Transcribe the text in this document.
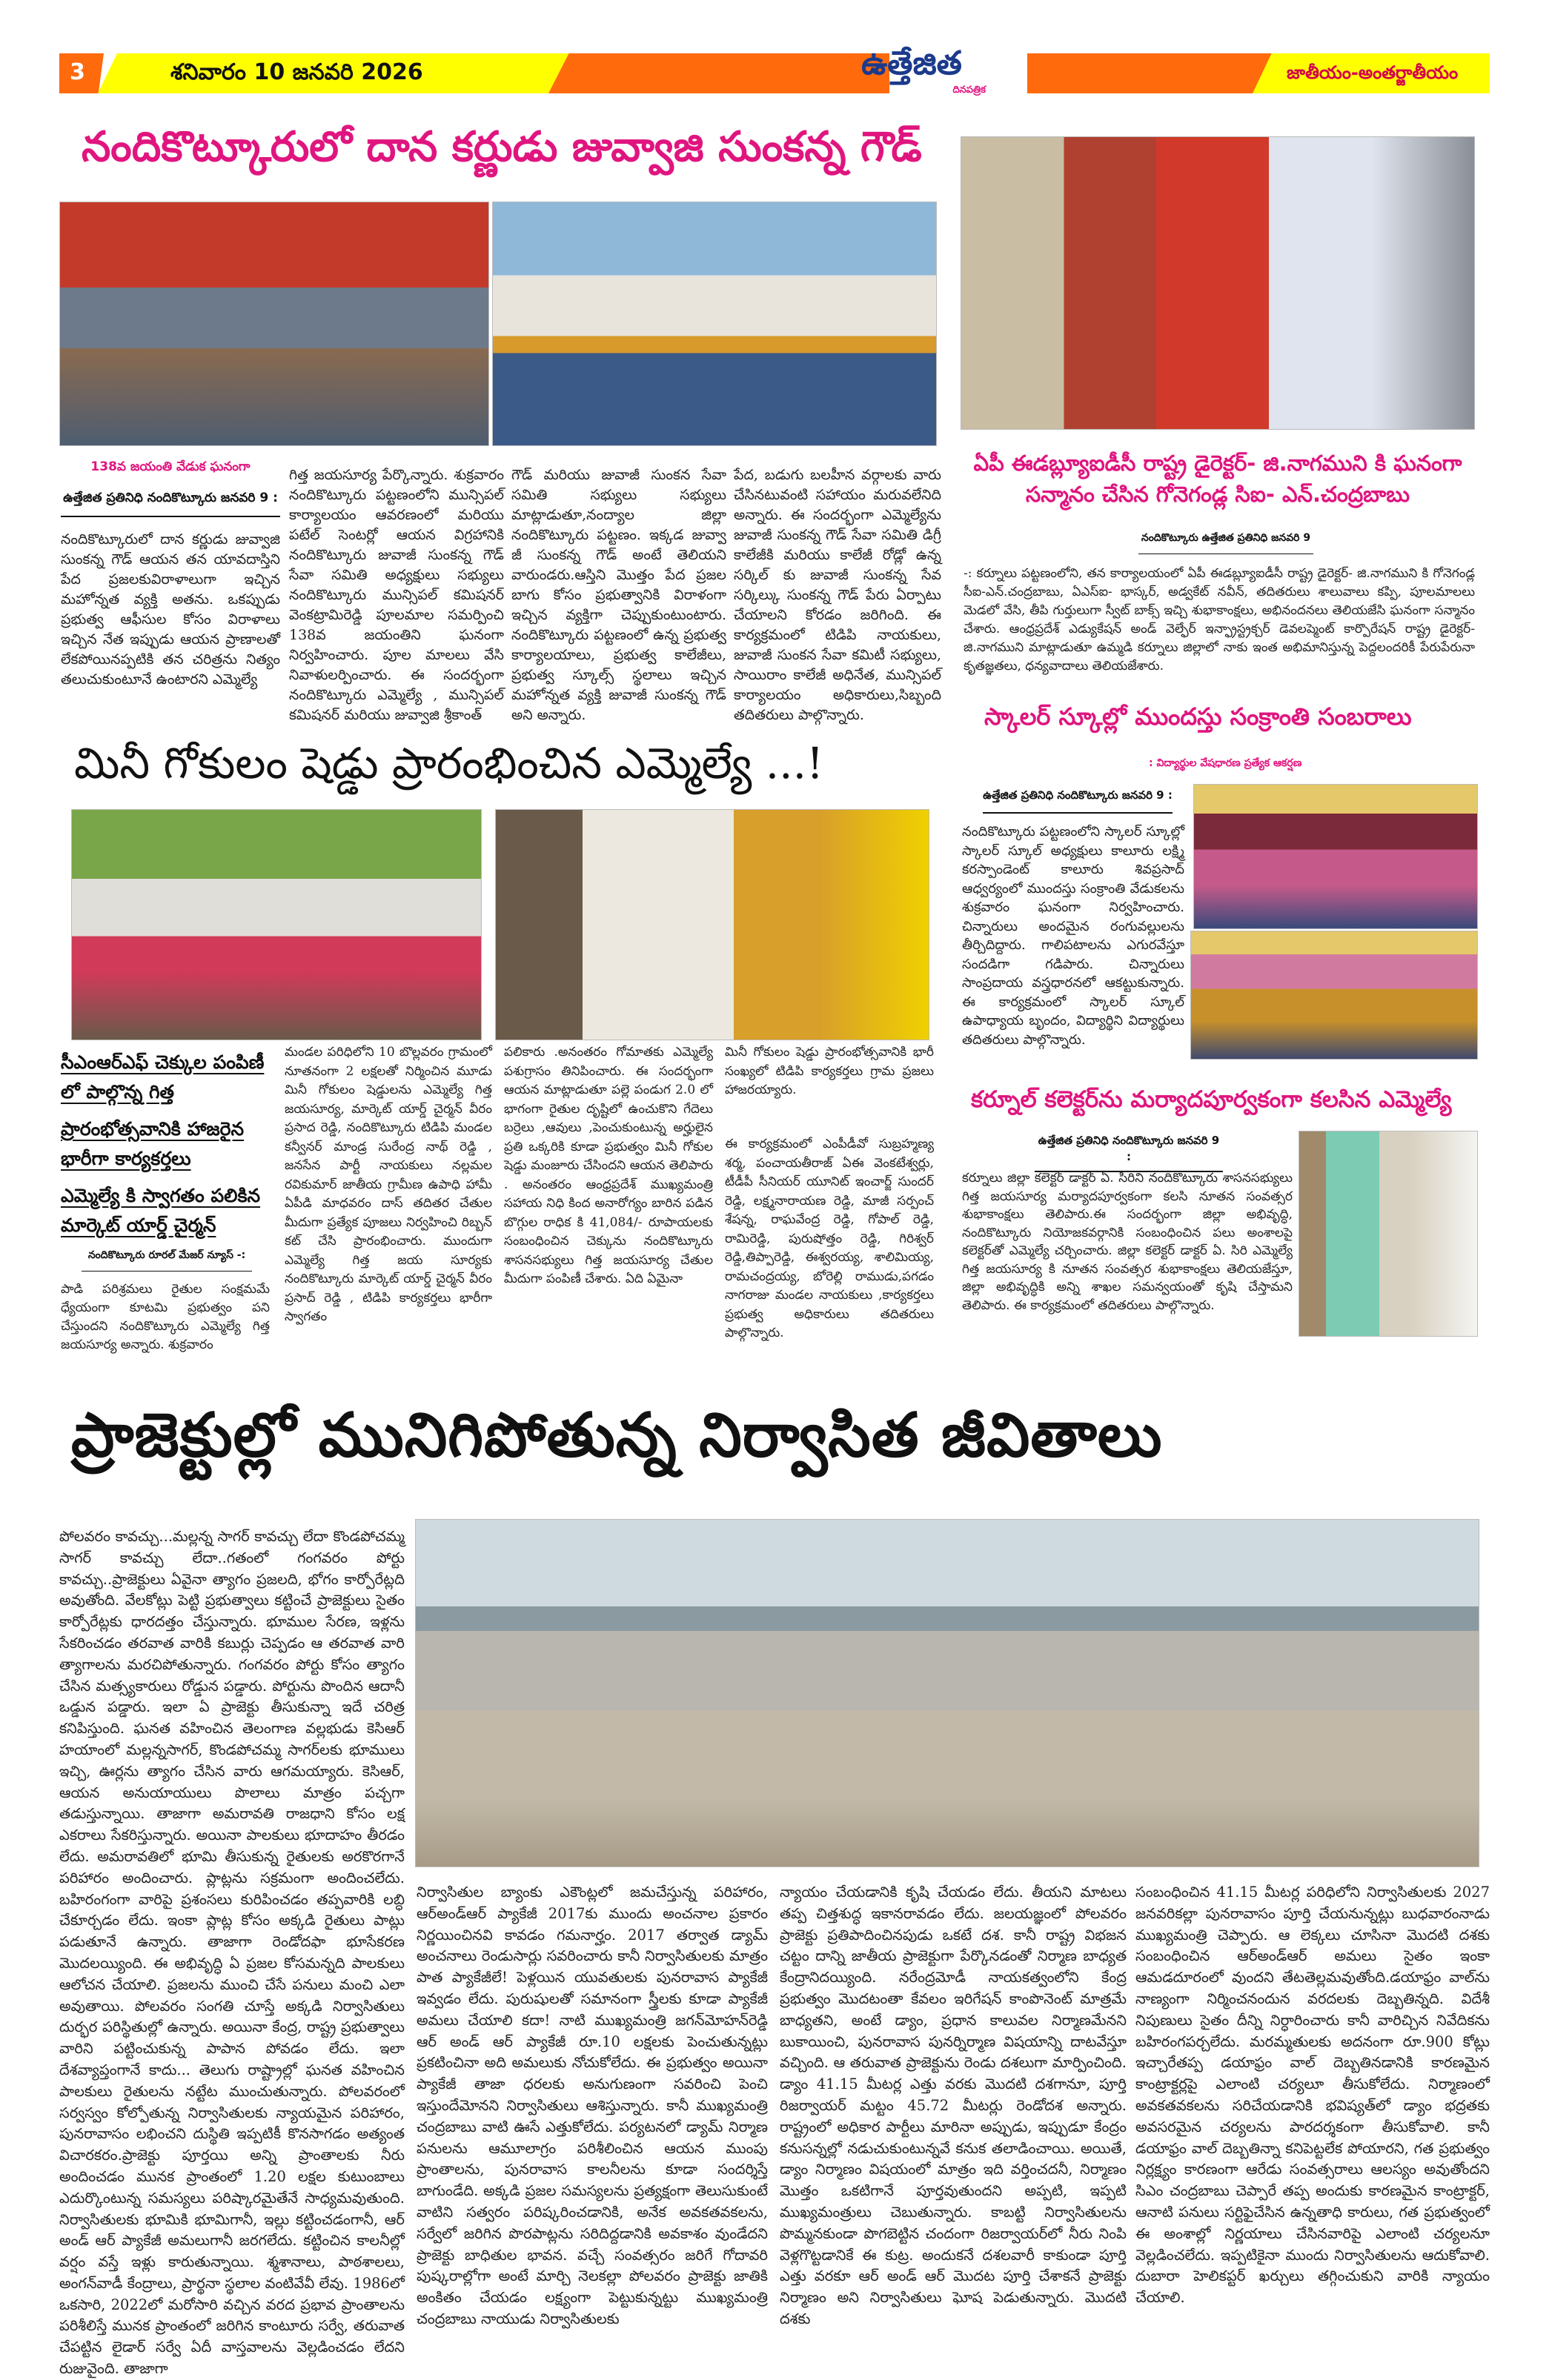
3	శనివారం 10 జనవరి 2026	ఉత్తేజిత
దినపత్రిక
జాతీయం-అంతర్జాతీయం
నందికొట్కూరులో దాన కర్ణుడు జువ్వాజి సుంకన్న గౌడ్
138వ జయంతి వేడుక ఘనంగా
ఉత్తేజిత ప్రతినిధి నందికొట్కూరు జనవరి 9 :
నందికొట్కూరులో దాన కర్ణుడు జువ్వాజి సుంకన్న గౌడ్ ఆయన తన యావదాస్తిని పేద ప్రజలకువిరాళాలుగా ఇచ్చిన మహోన్నత వ్యక్తి అతను. ఒకప్పుడు ప్రభుత్వ ఆఫీసుల కోసం విరాళాలు ఇచ్చిన నేత ఇప్పుడు ఆయన ప్రాణాలతో లేకపోయినప్పటికి తన చరిత్రను నిత్యం తలుచుకుంటూనే ఉంటారని ఎమ్మెల్యే
గిత్త జయసూర్య పేర్కొన్నారు. శుక్రవారం నందికొట్కూరు పట్టణంలోని మున్సిపల్ కార్యాలయం ఆవరణంలో మరియు పటేల్ సెంటర్లో ఆయన విగ్రహానికి నందికొట్కూరు జువాజీ సుంకన్న గౌడ్ సేవా సమితి అధ్యక్షులు సభ్యులు నందికొట్కూరు మున్సిపల్ కమిషనర్ వెంకట్రామిరెడ్డి పూలమాల సమర్పించి 138వ జయంతిని ఘనంగా నిర్వహించారు. పూల మాలలు వేసి నివాళులర్పించారు. ఈ సందర్భంగా నందికొట్కూరు ఎమ్మెల్యే , మున్సిపల్ కమిషనర్ మరియు జువ్వాజి శ్రీకాంత్
గౌడ్ మరియు జువాజీ సుంకన సేవా సమితి సభ్యులు సభ్యులు మాట్లాడుతూ,నంద్యాల జిల్లా నందికొట్కూరు పట్టణం. ఇక్కడ జువ్వా జీ సుంకన్న గౌడ్ అంటే తెలియని వారుండరు.ఆస్తిని మొత్తం పేద ప్రజల బాగు కోసం ప్రభుత్వానికి విరాళంగా ఇచ్చిన వ్యక్తిగా చెప్పుకుంటుంటారు. నందికొట్కూరు పట్టణంలో ఉన్న ప్రభుత్వ కార్యాలయాలు, ప్రభుత్వ కాలేజీలు, ప్రభుత్వ స్కూల్స్ స్థలాలు ఇచ్చిన మహోన్నత వ్యక్తి జువాజీ సుంకన్న గౌడ్ అని అన్నారు.
పేద, బడుగు బలహీన వర్గాలకు వారు చేసినటువంటి సహాయం మరువలేనిది అన్నారు. ఈ సందర్భంగా ఎమ్మెల్యేను జువాజీ సుంకన్న గౌడ్ సేవా సమితి డిగ్రీ కాలేజీకి మరియు కాలేజీ రోడ్లో ఉన్న సర్కిల్ కు జువాజీ సుంకన్న సేవ సర్కిల్కు సుంకన్న గౌడ్ పేరు ఏర్పాటు చేయాలని కోరడం జరిగింది. ఈ కార్యక్రమంలో టిడిపి నాయకులు, జువాజీ సుంకన సేవా కమిటీ సభ్యులు, సాయిరాం కాలేజీ అధినేత, మున్సిపల్ కార్యాలయం అధికారులు,సిబ్బంది తదితరులు పాల్గొన్నారు.
ఏపీ ఈడబ్ల్యూఐడీసీ రాష్ట్ర డైరెక్టర్- జి.నాగముని కి ఘనంగా
సన్మానం చేసిన గోనెగండ్ల సిఐ- ఎన్.చంద్రబాబు
నందికొట్కూరు ఉత్తేజిత ప్రతినిధి జనవరి 9
-: కర్నూలు పట్టణంలోని, తన కార్యాలయంలో ఏపీ ఈడబ్ల్యూఐడీసీ రాష్ట్ర డైరెక్టర్- జి.నాగముని కి గోనెగండ్ల సీఐ-ఎన్.చంద్రబాబు, ఏఎస్ఐ- భాస్కర్, అడ్వకేట్ నవీన్, తదితరులు శాలువాలు కప్పి, పూలమాలలు మెడలో వేసి, తీపి గుర్తులుగా స్వీట్ బాక్స్ ఇచ్చి శుభాకాంక్షలు, అభినందనలు తెలియజేసి ఘనంగా సన్మానం చేశారు. ఆంధ్రప్రదేశ్ ఎడ్యుకేషన్ అండ్ వెల్ఫేర్ ఇన్ఫ్రాస్ట్రక్చర్ డెవలప్మెంట్ కార్పొరేషన్ రాష్ట్ర డైరెక్టర్- జి.నాగముని మాట్లాడుతూ ఉమ్మడి కర్నూలు జిల్లాలో నాకు ఇంత అభిమానిస్తున్న పెద్దలందరికీ పేరుపేరునా కృతజ్ఞతలు, ధన్యవాదాలు తెలియజేశారు.
స్కాలర్ స్కూల్లో ముందస్తు సంక్రాంతి సంబరాలు
: విద్యార్థుల వేషధారణ ప్రత్యేక ఆకర్షణ
ఉత్తేజిత ప్రతినిధి నందికొట్కూరు జనవరి 9 :
నందికొట్కూరు పట్టణంలోని స్కాలర్ స్కూల్లో స్కాలర్ స్కూల్ అధ్యక్షులు కాలూరు లక్ష్మి కరస్పాండెంట్ కాలూరు శివప్రసాద్ ఆధ్వర్యంలో ముందస్తు సంక్రాంతి వేడుకలను శుక్రవారం ఘనంగా నిర్వహించారు. చిన్నారులు అందమైన రంగువల్లులను తీర్చిదిద్దారు. గాలిపటాలను ఎగురవేస్తూ సందడిగా గడిపారు. చిన్నారులు సాంప్రదాయ వస్త్రధారనలో ఆకట్టుకున్నారు. ఈ కార్యక్రమంలో స్కాలర్ స్కూల్ ఉపాధ్యాయ బృందం, విద్యార్థిని విద్యార్థులు తదితరులు పాల్గొన్నారు.
మినీ గోకులం షెడ్డు ప్రారంభించిన ఎమ్మెల్యే ...!
సీఎంఆర్ఎఫ్ చెక్కుల పంపిణీ లో పాల్గొన్న గిత్త
ప్రారంభోత్సవానికి హాజరైన భారీగా కార్యకర్తలు
ఎమ్మెల్యే కి స్వాగతం పలికిన మార్కెట్ యార్డ్ చైర్మన్
నందికొట్కూరు రూరల్ మేజర్ న్యూస్ -:
పాడి పరిశ్రమలు రైతుల సంక్షమమే ధ్యేయంగా కూటమి ప్రభుత్వం పని చేస్తుందని నందికొట్కూరు ఎమ్మెల్యే గిత్త జయసూర్య అన్నారు. శుక్రవారం
మండల పరిధిలోని 10 బొల్లవరం గ్రామంలో నూతనంగా 2 లక్షలతో నిర్మించిన మూడు మినీ గోకులం షెడ్డులను ఎమ్మెల్యే గిత్త జయసూర్య, మార్కెట్ యార్డ్ చైర్మన్ వీరం ప్రసాద రెడ్డి, నందికొట్కూరు టిడిపి మండల కన్వీనర్ మాండ్ర సురేంద్ర నాథ్ రెడ్డి , జనసేన పార్టీ నాయకులు నల్లమల రవికుమార్ జాతీయ గ్రామీణ ఉపాధి హామీ ఏపీడి మాధవరం దాస్ తదితర చేతుల మీదుగా ప్రత్యేక పూజలు నిర్వహించి రిబ్బన్ కట్ చేసి ప్రారంభించారు. ముందుగా ఎమ్మెల్యే గిత్త జయ సూర్యకు నందికొట్కూరు మార్కెట్ యార్డ్ చైర్మన్ వీరం ప్రసాద్ రెడ్డి , టిడిపి కార్యకర్తలు భారీగా స్వాగతం
పలికారు .అనంతరం గోమాతకు ఎమ్మెల్యే పశుగ్రాసం తినిపించారు. ఈ సందర్భంగా ఆయన మాట్లాడుతూ పల్లె పండుగ 2.0 లో భాగంగా రైతుల దృష్టిలో ఉంచుకొని గేదెలు బర్రెలు ,ఆవులు ,పెంచుకుంటున్న అర్హులైన ప్రతి ఒక్కరికి కూడా ప్రభుత్వం మినీ గోకుల షెడ్డు మంజూరు చేసిందని ఆయన తెలిపారు . అనంతరం ఆంధ్రప్రదేశ్ ముఖ్యమంత్రి సహాయ నిధి కింద అనారోగ్యం బారిన పడిన బొగ్గుల రాధిక కి 41,084/- రూపాయలకు సంబంధించిన చెక్కును నందికొట్కూరు శాసనసభ్యులు గిత్త జయసూర్య చేతుల మీదుగా పంపిణీ చేశారు. ఏది ఏమైనా
మినీ గోకులం షెడ్డు ప్రారంభోత్సవానికి భారీ సంఖ్యలో టిడిపి కార్యకర్తలు గ్రామ ప్రజలు హాజరయ్యారు.
ఈ కార్యక్రమంలో ఎంపీడీవో సుబ్రహ్మణ్య శర్మ, పంచాయతీరాజ్ ఏఈ వెంకటేశ్వర్లు, టీడీపీ సీనియర్ యూనిట్ ఇంచార్జ్ సుందర్ రెడ్డి, లక్ష్మనారాయణ రెడ్డి, మాజీ సర్పంచ్ శేషన్న, రాఘవేంద్ర రెడ్డి, గోపాల్ రెడ్డి, రామిరెడ్డి, పురుషోత్తం రెడ్డి, గిరిశ్వర్ రెడ్డి,తిప్పారెడ్డి, ఈశ్వరయ్య, శాలిమియ్య, రామచంద్రయ్య, బోరెల్లి రాముడు,పగడం నాగరాజు మండల నాయకులు ,కార్యకర్తలు ప్రభుత్వ అధికారులు తదితరులు పాల్గొన్నారు.
కర్నూల్ కలెక్టర్‌ను మర్యాదపూర్వకంగా కలసిన ఎమ్మెల్యే
ఉత్తేజిత ప్రతినిధి నందికొట్కూరు జనవరి 9 :
కర్నూలు జిల్లా కలెక్టర్ డాక్టర్ ఏ. సిరిని నందికొట్కూరు శాసనసభ్యులు గిత్త జయసూర్య మర్యాదపూర్వకంగా కలసి నూతన సంవత్సర శుభాకాంక్షలు తెలిపారు.ఈ సందర్భంగా జిల్లా అభివృద్ధి, నందికొట్కూరు నియోజకవర్గానికి సంబంధించిన పలు అంశాలపై కలెక్టర్‌తో ఎమ్మెల్యే చర్చించారు. జిల్లా కలెక్టర్ డాక్టర్ ఏ. సిరి ఎమ్మెల్యే గిత్త జయసూర్య కి నూతన సంవత్సర శుభాకాంక్షలు తెలియజేస్తూ, జిల్లా అభివృద్ధికి అన్ని శాఖల సమన్వయంతో కృషి చేస్తామని తెలిపారు. ఈ కార్యక్రమంలో తదితరులు పాల్గొన్నారు.
ప్రాజెక్టుల్లో మునిగిపోతున్న నిర్వాసిత జీవితాలు
పోలవరం కావచ్చు...మల్లన్న సాగర్ కావచ్చు లేదా కొండపోచమ్మ సాగర్ కావచ్చు లేదా..గతంలో గంగవరం పోర్టు కావచ్చు..ప్రాజెక్టులు ఏవైనా త్యాగం ప్రజలది, భోగం కార్పోరేట్లది అవుతోంది. వేలకోట్లు పెట్టి ప్రభుత్వాలు కట్టించే ప్రాజెక్టులు సైతం కార్పోరేట్లకు ధారదత్తం చేస్తున్నారు. భూముల సేరణ, ఇళ్లను సేకరించడం తరవాత వారికి కబుర్లు చెప్పడం ఆ తరవాత వారి త్యాగాలను మరచిపోతున్నారు. గంగవరం పోర్టు కోసం త్యాగం చేసిన మత్స్యకారులు రోడ్డున పడ్డారు. పోర్టును పొందిన ఆదానీ ఒడ్డున పడ్డారు. ఇలా ఏ ప్రాజెక్టు తీసుకున్నా ఇదే చరిత్ర కనిపిస్తుంది. ఘనత వహించిన తెలంగాణ వల్లభుడు కెసిఆర్ హయాంలో మల్లన్నసాగర్, కొండపోచమ్మ సాగర్‌లకు భూములు ఇచ్చి, ఊర్లను త్యాగం చేసిన వారు ఆగమయ్యారు. కెసిఆర్, ఆయన అనుయాయులు పొలాలు మాత్రం పచ్చగా తడుస్తున్నాయి. తాజాగా అమరావతి రాజధాని కోసం లక్ష ఎకరాలు సేకరిస్తున్నారు. అయినా పాలకులు భూదాహం తీరడం లేదు. అమరావతిలో భూమి తీసుకున్న రైతులకు అరకొరగానే పరిహారం అందించారు. ప్లాట్లను సక్రమంగా అందించలేదు. బహిరంగంగా వారిపై ప్రశంసలు కురిపించడం తప్పవారికి లబ్ధి చేకూర్చడం లేదు. ఇంకా ప్లాట్ల కోసం అక్కడి రైతులు పాట్లు పడుతూనే ఉన్నారు. తాజాగా రెండోదఫా భూసేకరణ మొదలయ్యింది. ఈ అభివృద్ధి ఏ ప్రజల కోసమన్నది పాలకులు ఆలోచన చేయాలి. ప్రజలను ముంచి చేసే పనులు మంచి ఎలా అవుతాయి. పోలవరం సంగతి చూస్తే అక్కడి నిర్వాసితులు దుర్భర పరిస్థితుల్లో ఉన్నారు. అయినా కేంద్ర, రాష్ట్ర ప్రభుత్వాలు వారిని పట్టించుకున్న పాపాన పోవడం లేదు. ఇలా దేశవ్యాప్తంగానే కాదు... తెలుగు రాష్ట్రాల్లో ఘనత వహించిన పాలకులు రైతులను నట్టేట ముంచుతున్నారు. పోలవరంలో సర్వస్వం కోల్పోతున్న నిర్వాసితులకు న్యాయమైన పరిహారం, పునరావాసం లభించని దుస్థితి ఇప్పటికీ కొనసాగడం అత్యంత విచారకరం.ప్రాజెక్టు పూర్తయి అన్ని ప్రాంతాలకు నీరు అందించడం మునక ప్రాంతంలో 1.20 లక్షల కుటుంబాలు ఎదుర్కొంటున్న సమస్యలు పరిష్కారమైతేనే సాధ్యమవుతుంది. నిర్వాసితులకు భూమికి భూమిగానీ, ఇల్లు కట్టించడంగానీ, ఆర్ అండ్ ఆర్ ప్యాకేజీ అమలుగానీ జరగలేదు. కట్టించిన కాలనీల్లో వర్షం వస్తే ఇళ్లు కారుతున్నాయి. శ్మశానాలు, పాఠశాలలు, అంగన్‌వాడీ కేంద్రాలు, ప్రార్థనా స్థలాల వంటివేవీ లేవు. 1986లో ఒకసారి, 2022లో మరోసారి వచ్చిన వరద ప్రభావ ప్రాంతాలను పరిశీలిస్తే మునక ప్రాంతంలో జరిగిన కాంటూరు సర్వే, తరువాత చేపట్టిన లైడార్ సర్వే ఏదీ వాస్తవాలను వెల్లడించడం లేదని రుజువైంది. తాజాగా
నిర్వాసితుల బ్యాంకు ఎకౌంట్లలో జమచేస్తున్న పరిహారం, ఆర్‌అండ్‌ఆర్ ప్యాకేజీ 2017కు ముందు అంచనాల ప్రకారం నిర్ణయించినవి కావడం గమనార్హం. 2017 తర్వాత డ్యామ్ అంచనాలు రెండుసార్లు సవరించారు కానీ నిర్వాసితులకు మాత్రం పాత ప్యాకేజీలే! పెళ్లయిన యువతులకు పునరావాస ప్యాకేజీ ఇవ్వడం లేదు. పురుషులతో సమానంగా స్త్రీలకు కూడా ప్యాకేజీ అమలు చేయాలి కదా! నాటి ముఖ్యమంత్రి జగన్‌మోహన్‌రెడ్డి ఆర్ అండ్ ఆర్ ప్యాకేజీ రూ.10 లక్షలకు పెంచుతున్నట్లు ప్రకటించినా అది అమలుకు నోచుకోలేదు. ఈ ప్రభుత్వం అయినా ప్యాకేజీ తాజా ధరలకు అనుగుణంగా సవరించి పెంచి ఇస్తుందేమోనని నిర్వాసితులు ఆశిస్తున్నారు. కానీ ముఖ్యమంత్రి చంద్రబాబు వాటి ఊసే ఎత్తుకోలేదు. పర్యటనలో డ్యామ్ నిర్మాణ పనులను ఆమూలాగ్రం పరిశీలించిన ఆయన ముంపు ప్రాంతాలను, పునరావాస కాలనీలను కూడా సందర్శిస్తే బాగుండేది. అక్కడి ప్రజల సమస్యలను ప్రత్యక్షంగా తెలుసుకుంటే వాటిని సత్వరం పరిష్కరించడానికి, అనేక అవకతవకలను, సర్వేలో జరిగిన పొరపాట్లను సరిదిద్దడానికి అవకాశం వుండేదని ప్రాజెక్టు బాధితుల భావన. వచ్చే సంవత్సరం జరిగే గోదావరి పుష్కరాల్లోగా అంటే మార్చి నెలకల్లా పోలవరం ప్రాజెక్టు జాతికి అంకితం చేయడం లక్ష్యంగా పెట్టుకున్నట్టు ముఖ్యమంత్రి చంద్రబాబు నాయుడు నిర్వాసితులకు
న్యాయం చేయడానికి కృషి చేయడం లేదు. తీయని మాటలు తప్ప చిత్తశుద్ధ ఇకానరావడం లేదు. జలయజ్ఞంలో పోలవరం ప్రాజెక్టు ప్రతిపాదించినపుడు ఒకటే దశ. కానీ రాష్ట్ర విభజన చట్టం దాన్ని జాతీయ ప్రాజెక్టుగా పేర్కొనడంతో నిర్మాణ బాధ్యత కేంద్రానిదయ్యింది. నరేంద్రమోడీ నాయకత్వంలోని కేంద్ర ప్రభుత్వం మొదటంతా కేవలం ఇరిగేషన్ కాంపొనెంట్ మాత్రమే బాధ్యతని, అంటే డ్యాం, ప్రధాన కాలువల నిర్మాణమేనని బుకాయించి, పునరావాస పునర్నిర్మాణ విషయాన్ని దాటవేస్తూ వచ్చింది. ఆ తరువాత ప్రాజెక్టును రెండు దశలుగా మార్పించింది. డ్యాం 41.15 మీటర్ల ఎత్తు వరకు మొదటి దశగానూ, పూర్తి రిజర్వాయర్ మట్టం 45.72 మీటర్లు రెండోదశ అన్నారు. రాష్ట్రంలో అధికార పార్టీలు మారినా అప్పుడు, ఇప్పుడూ కేంద్రం కనుసన్నల్లో నడుచుకుంటున్నవే కనుక తలాడించాయి. అయితే, డ్యాం నిర్మాణం విషయంలో మాత్రం ఇది వర్తించదనీ, నిర్మాణం మొత్తం ఒకటిగానే పూర్తవుతుందని అప్పటి, ఇప్పటి ముఖ్యమంత్రులు చెబుతున్నారు. కాబట్టి నిర్వాసితులను పొమ్మనకుండా పొగబెట్టిన చందంగా రిజర్వాయర్‌లో నీరు నింపి వెళ్లగొట్టడానికే ఈ కుట్ర. అందుకనే దశలవారీ కాకుండా పూర్తి ఎత్తు వరకూ ఆర్ అండ్ ఆర్ మొదట పూర్తి చేశాకనే ప్రాజెక్టు నిర్మాణం అని నిర్వాసితులు ఘోష పెడుతున్నారు. మొదటి దశకు
సంబంధించిన 41.15 మీటర్ల పరిధిలోని నిర్వాసితులకు 2027 జనవరికల్లా పునరావాసం పూర్తి చేయనున్నట్లు బుధవారంనాడు ముఖ్యమంత్రి చెప్పారు. ఆ లెక్కలు చూసినా మొదటి దశకు సంబంధించిన ఆర్‌అండ్‌ఆర్ అమలు సైతం ఇంకా ఆమడదూరంలో వుందని తేటతెల్లమవుతోంది.డయాఫ్రం వాల్‌ను నాణ్యంగా నిర్మించనందున వరదలకు దెబ్బతిన్నది. విదేశీ నిపుణులు సైతం దీన్ని నిర్ధారించారు కానీ వారిచ్చిన నివేదికను బహిరంగపర్చలేదు. మరమ్మతులకు అదనంగా రూ.900 కోట్లు ఇచ్చారేతప్ప డయాఫ్రం వాల్ దెబ్బతినడానికి కారణమైన కాంట్రాక్టర్లపై ఎలాంటి చర్యలూ తీసుకోలేదు. నిర్మాణంలో అవకతవకలను సరిచేయడానికి భవిష్యత్‌లో డ్యాం భద్రతకు అవసరమైన చర్యలను పారదర్శకంగా తీసుకోవాలి. కానీ డయాఫ్రం వాల్ దెబ్బతిన్నా కనిపెట్టలేక పోయారని, గత ప్రభుత్వం నిర్లక్ష్యం కారణంగా ఆరేడు సంవత్సరాలు ఆలస్యం అవుతోందని సిఎం చంద్రబాబు చెప్పారే తప్ప అందుకు కారణమైన కాంట్రాక్టర్, ఆనాటి పనులు సర్టిఫైచేసిన ఉన్నతాధి కారులు, గత ప్రభుత్వంలో ఈ అంశాల్లో నిర్ణయాలు చేసినవారిపై ఎలాంటి చర్యలనూ వెల్లడించలేదు. ఇప్పటికైనా ముందు నిర్వాసితులను ఆదుకోవాలి. దుబారా హెలికప్టర్ ఖర్చులు తగ్గించుకుని వారికి న్యాయం చేయాలి.
